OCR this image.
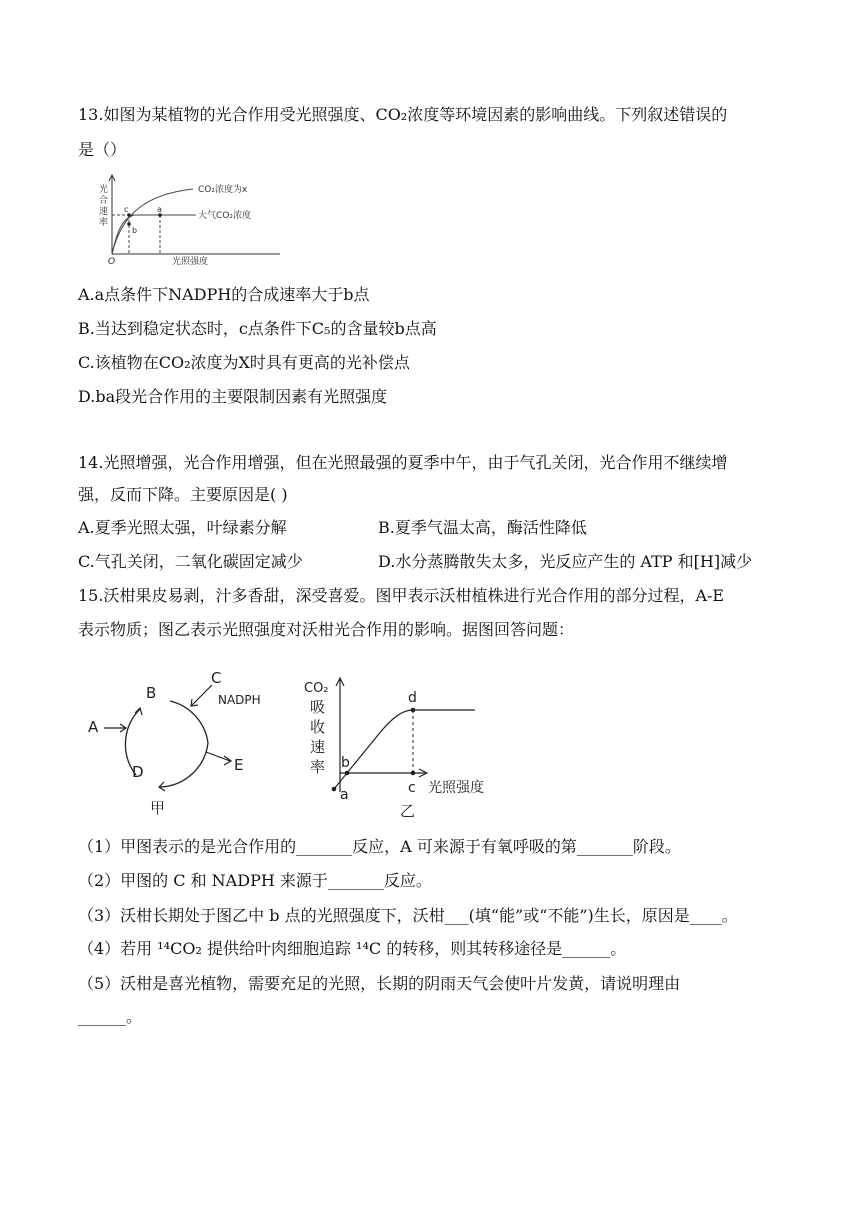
13.如图为某植物的光合作用受光照强度、CO₂浓度等环境因素的影响曲线。下列叙述错误的
是（）
光合速率
O	光照强度
CO₂浓度为x
大气CO₂浓度
c
b
a
A.a点条件下NADPH的合成速率大于b点
B.当达到稳定状态时，c点条件下C₅的含量较b点高
C.该植物在CO₂浓度为X时具有更高的光补偿点
D.ba段光合作用的主要限制因素有光照强度
14.光照增强，光合作用增强，但在光照最强的夏季中午，由于气孔关闭，光合作用不继续增
强，反而下降。主要原因是( )
A.夏季光照太强，叶绿素分解	B.夏季气温太高，酶活性降低
C.气孔关闭，二氧化碳固定减少	D.水分蒸腾散失太多，光反应产生的 ATP 和[H]减少
15.沃柑果皮易剥，汁多香甜，深受喜爱。图甲表示沃柑植株进行光合作用的部分过程，A-E
表示物质；图乙表示光照强度对沃柑光合作用的影响。据图回答问题：
A
B
C
NADPH
D	E
甲
CO₂
吸
收
速
率
a
b
c
d
光照强度
乙
（1）甲图表示的是光合作用的_______反应，A 可来源于有氧呼吸的第_______阶段。
（2）甲图的 C 和 NADPH 来源于_______反应。
（3）沃柑长期处于图乙中 b 点的光照强度下，沃柑___(填“能”或“不能”)生长，原因是____。
（4）若用 ¹⁴CO₂ 提供给叶肉细胞追踪 ¹⁴C 的转移，则其转移途径是______。
（5）沃柑是喜光植物，需要充足的光照，长期的阴雨天气会使叶片发黄，请说明理由
______。
